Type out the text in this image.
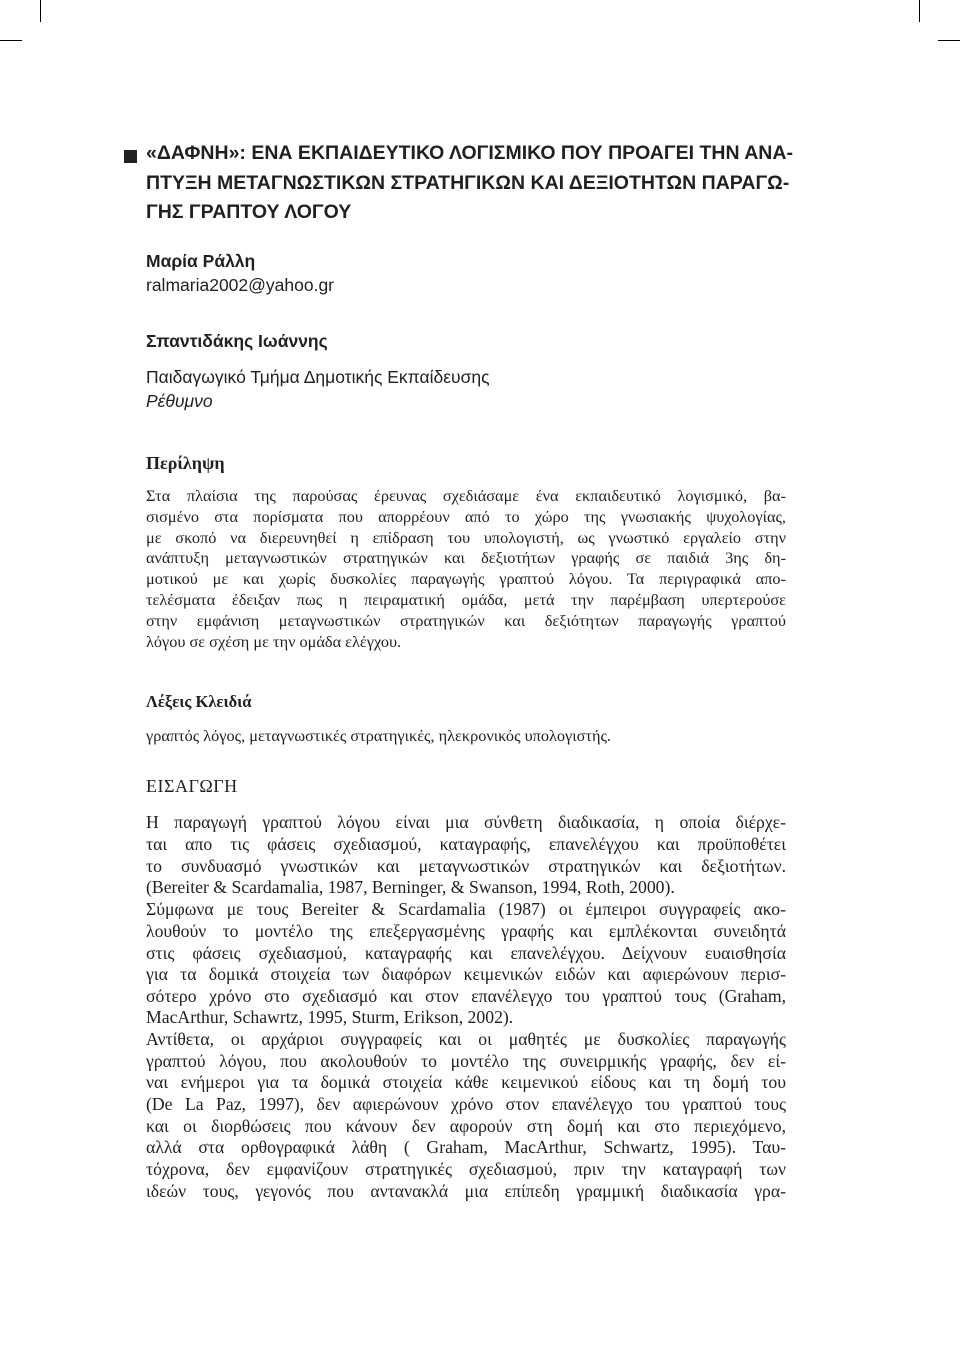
«ΔΑΦΝΗ»: ΕΝΑ ΕΚΠΑΙΔΕΥΤΙΚΟ ΛΟΓΙΣΜΙΚΟ ΠΟΥ ΠΡΟΑΓΕΙ ΤΗΝ ΑΝΑ-
ΠΤΥΞΗ ΜΕΤΑΓΝΩΣΤΙΚΩΝ ΣΤΡΑΤΗΓΙΚΩΝ ΚΑΙ ΔΕΞΙΟΤΗΤΩΝ ΠΑΡΑΓΩ-
ΓΗΣ ΓΡΑΠΤΟΥ ΛΟΓΟΥ
Μαρία Ράλλη
ralmaria2002@yahoo.gr
Σπαντιδάκης Ιωάννης
Παιδαγωγικό Τμήμα Δημοτικής Εκπαίδευσης
Ρέθυμνο
Περίληψη
Στα πλαίσια της παρούσας έρευνας σχεδιάσαμε ένα εκπαιδευτικό λογισμικό, βα-
σισμένο στα πορίσματα που απορρέουν από το χώρο της γνωσιακής ψυχολογίας,
με σκοπό να διερευνηθεί η επίδραση του υπολογιστή, ως γνωστικό εργαλείο στην
ανάπτυξη μεταγνωστικών στρατηγικών και δεξιοτήτων γραφής σε παιδιά 3ης δη-
μοτικού με και χωρίς δυσκολίες παραγωγής γραπτού λόγου. Τα περιγραφικά απο-
τελέσματα έδειξαν πως η πειραματική ομάδα, μετά την παρέμβαση υπερτερούσε
στην εμφάνιση μεταγνωστικών στρατηγικών και δεξιότητων παραγωγής γραπτού
λόγου σε σχέση με την ομάδα ελέγχου.
Λέξεις Κλειδιά
γραπτός λόγος, μεταγνωστικές στρατηγικές, ηλεκρονικός υπολογιστής.
ΕΙΣΑΓΩΓΗ
Η παραγωγή γραπτού λόγου είναι μια σύνθετη διαδικασία, η οποία διέρχε-
ται απο τις φάσεις σχεδιασμού, καταγραφής, επανελέγχου και προϋποθέτει
το συνδυασμό γνωστικών και μεταγνωστικών στρατηγικών και δεξιοτήτων.
(Bereiter & Scardamalia, 1987, Berninger, & Swanson, 1994, Roth, 2000).
Σύμφωνα με τους Bereiter & Scardamalia (1987) οι έμπειροι συγγραφείς ακο-
λουθούν το μοντέλο της επεξεργασμένης γραφής και εμπλέκονται συνειδητά
στις φάσεις σχεδιασμού, καταγραφής και επανελέγχου. Δείχνουν ευαισθησία
για τα δομικά στοιχεία των διαφόρων κειμενικών ειδών και αφιερώνουν περισ-
σότερο χρόνο στο σχεδιασμό και στον επανέλεγχο του γραπτού τους (Graham,
MacArthur, Schawrtz, 1995, Sturm, Erikson, 2002).
Αντίθετα, οι αρχάριοι συγγραφείς και οι μαθητές με δυσκολίες παραγωγής
γραπτού λόγου, που ακολουθούν το μοντέλο της συνειρμικής γραφής, δεν εί-
ναι ενήμεροι για τα δομικά στοιχεία κάθε κειμενικού είδους και τη δομή του
(De La Paz, 1997), δεν αφιερώνουν χρόνο στον επανέλεγχο του γραπτού τους
και οι διορθώσεις που κάνουν δεν αφορούν στη δομή και στο περιεχόμενο,
αλλά στα ορθογραφικά λάθη ( Graham, MacArthur, Schwartz, 1995). Ταυ-
τόχρονα, δεν εμφανίζουν στρατηγικές σχεδιασμού, πριν την καταγραφή των
ιδεών τους, γεγονός που αντανακλά μια επίπεδη γραμμική διαδικασία γρα-
